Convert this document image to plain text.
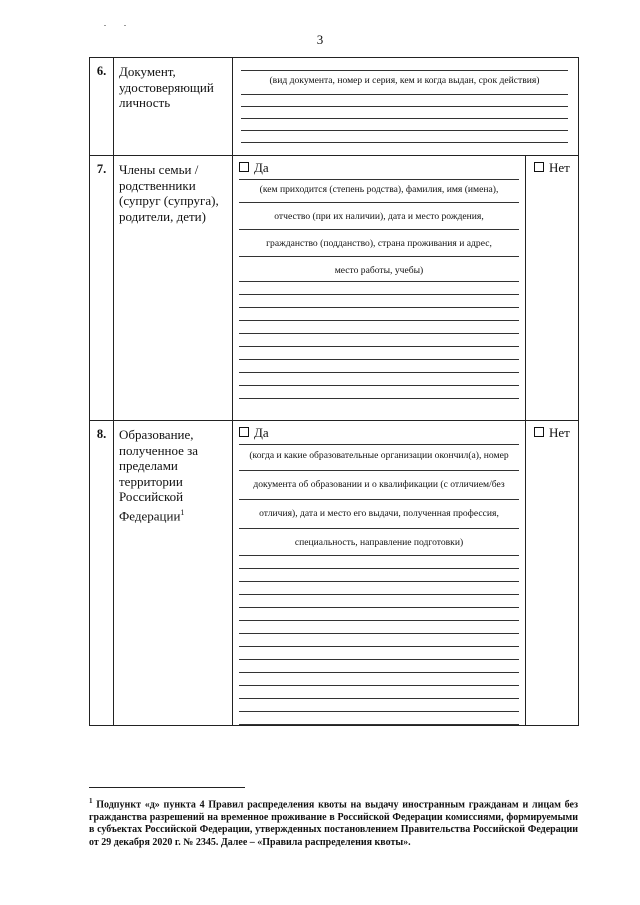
3
6.	Документ, удостоверяющий личность	(вид документа, номер и серия, кем и когда выдан, срок действия)	

7.	Члены семьи / родственники (супруг (супруга), родители, дети)	Да
(кем приходится (степень родства), фамилия, имя (имена),
отчество (при их наличии), дата и место рождения,
гражданство (подданство), страна проживания и адрес,
место работы, учебы)	Нет
8.	Образование, полученное за пределами территории Российской Федерации$^1$	Да
(когда и какие образовательные организации окончил(а), номер
документа об образовании и о квалификации (с отличием/без
отличия), дата и место его выдачи, полученная профессия,
специальность, направление подготовки)	Нет
$^1$ Подпункт «д» пункта 4 Правил распределения квоты на выдачу иностранным гражданам и лицам без гражданства разрешений на временное проживание в Российской Федерации комиссиями, формируемыми в субъектах Российской Федерации, утвержденных постановлением Правительства Российской Федерации от 29 декабря 2020 г. № 2345. Далее – «Правила распределения квоты».
